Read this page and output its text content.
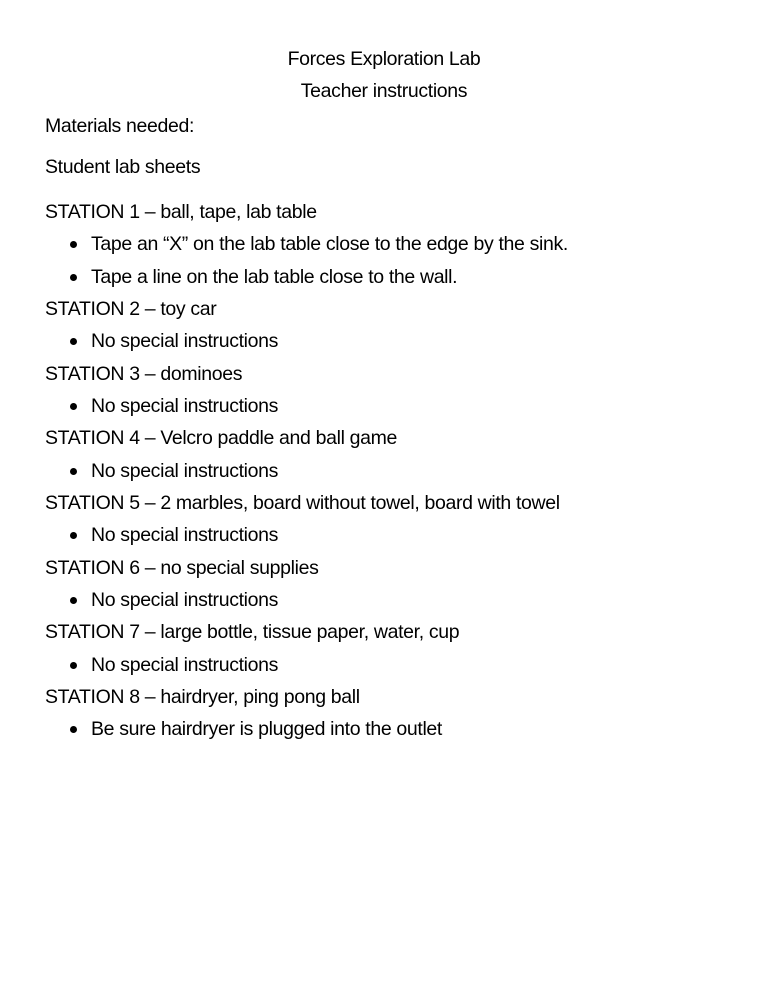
Forces Exploration Lab
Teacher instructions
Materials needed:
Student lab sheets
STATION 1 – ball, tape, lab table
Tape an “X” on the lab table close to the edge by the sink.
Tape a line on the lab table close to the wall.
STATION 2 – toy car
No special instructions
STATION 3 – dominoes
No special instructions
STATION 4 – Velcro paddle and ball game
No special instructions
STATION 5 – 2 marbles, board without towel, board with towel
No special instructions
STATION 6 – no special supplies
No special instructions
STATION 7 – large bottle, tissue paper, water, cup
No special instructions
STATION 8 – hairdryer, ping pong ball
Be sure hairdryer is plugged into the outlet
